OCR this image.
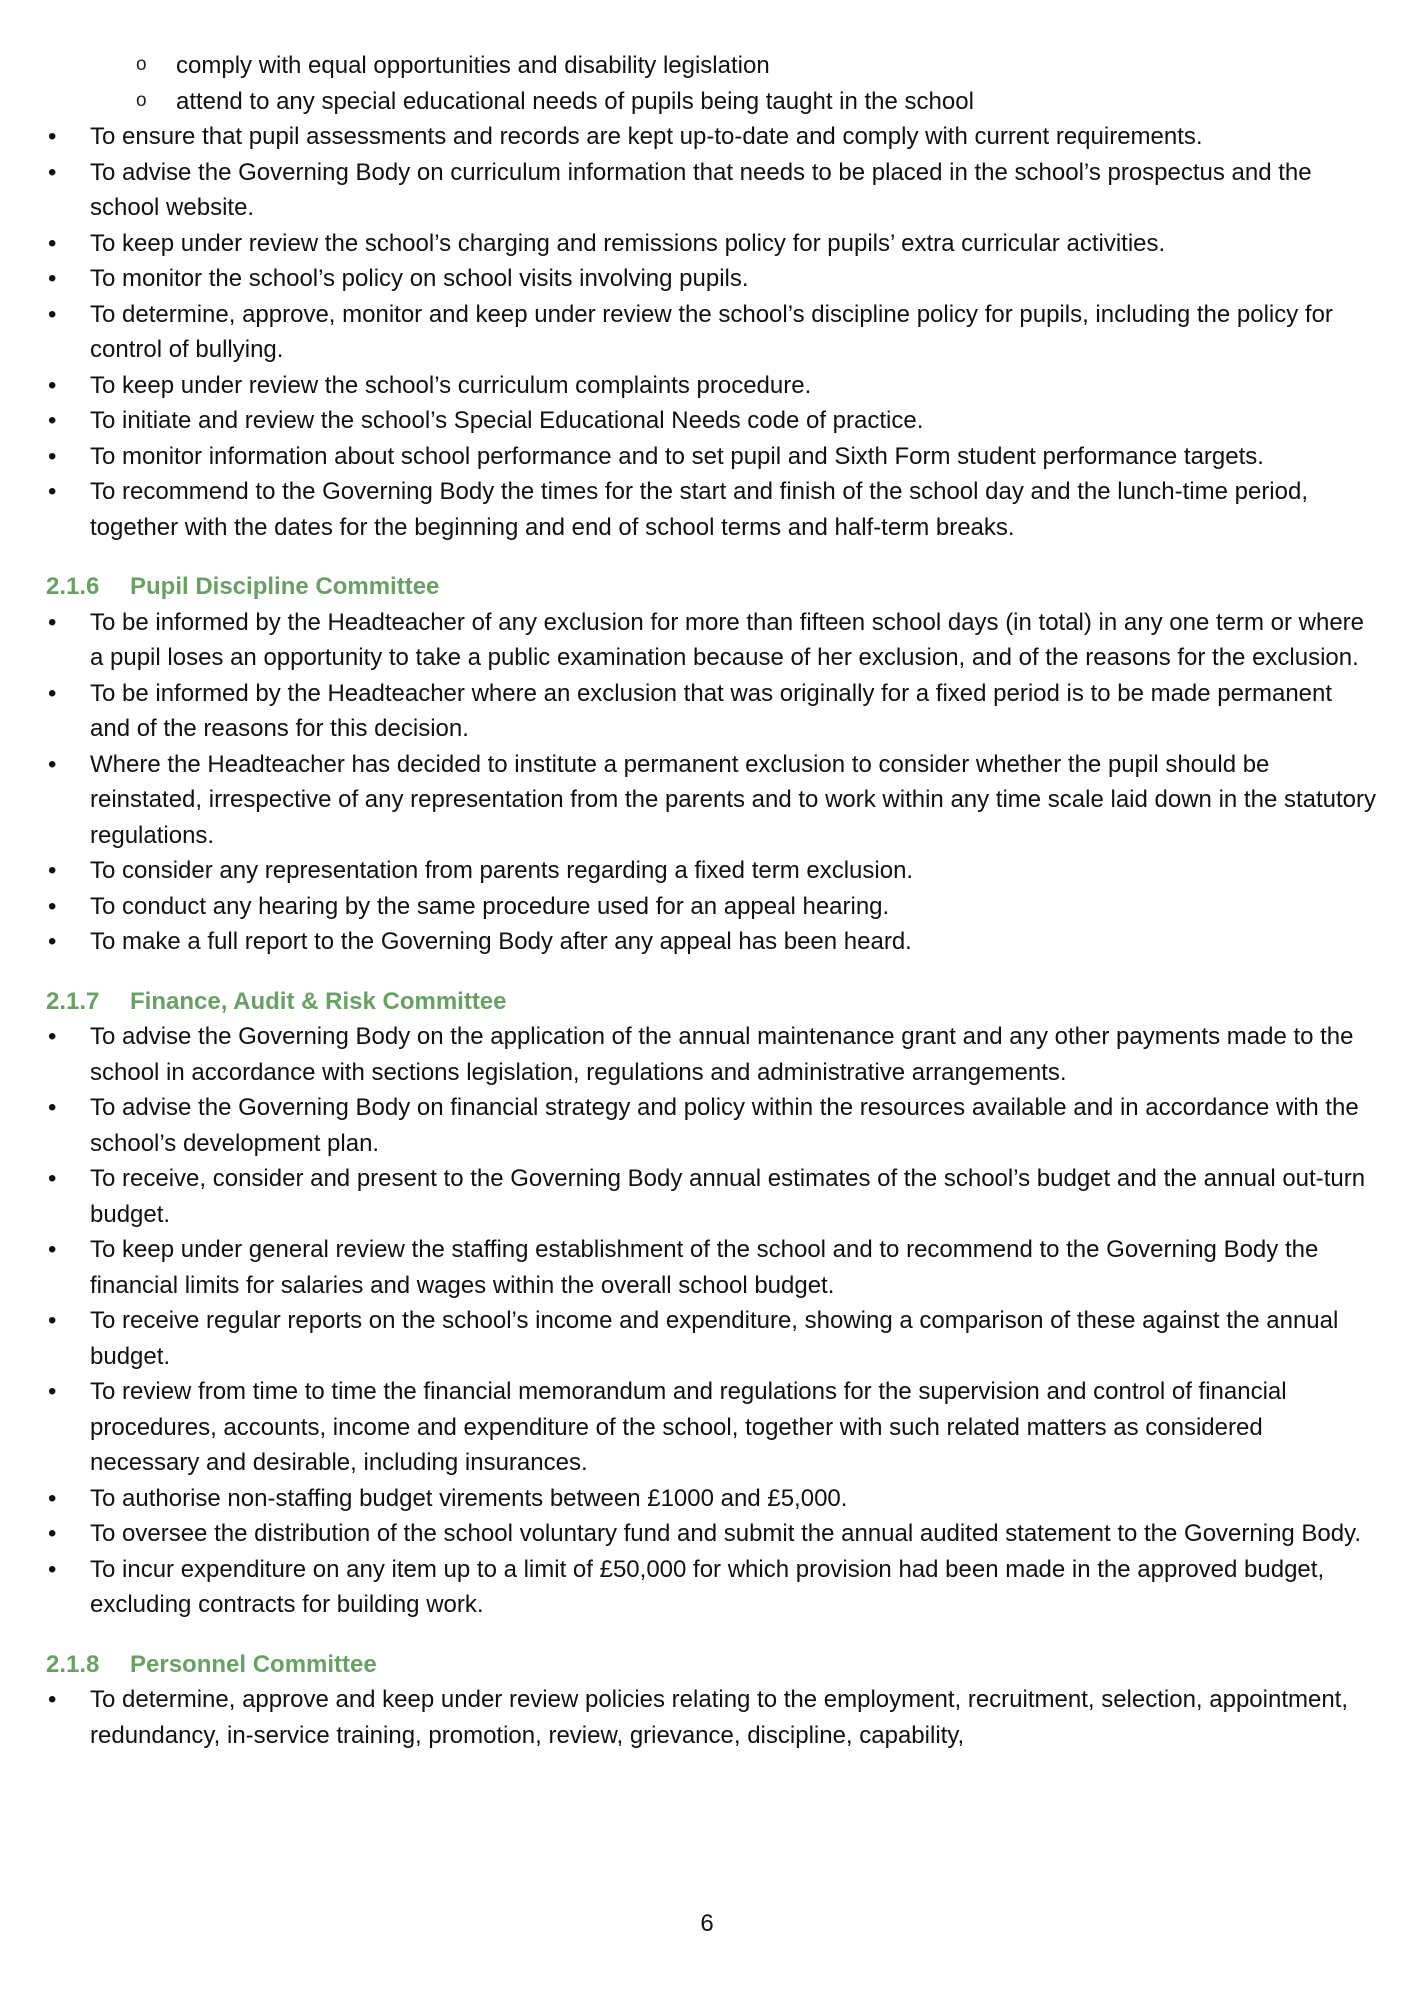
o comply with equal opportunities and disability legislation
o attend to any special educational needs of pupils being taught in the school
• To ensure that pupil assessments and records are kept up-to-date and comply with current requirements.
• To advise the Governing Body on curriculum information that needs to be placed in the school’s prospectus and the school website.
• To keep under review the school’s charging and remissions policy for pupils’ extra curricular activities.
• To monitor the school’s policy on school visits involving pupils.
• To determine, approve, monitor and keep under review the school’s discipline policy for pupils, including the policy for control of bullying.
• To keep under review the school’s curriculum complaints procedure.
• To initiate and review the school’s Special Educational Needs code of practice.
• To monitor information about school performance and to set pupil and Sixth Form student performance targets.
• To recommend to the Governing Body the times for the start and finish of the school day and the lunch-time period, together with the dates for the beginning and end of school terms and half-term breaks.
2.1.6 Pupil Discipline Committee
• To be informed by the Headteacher of any exclusion for more than fifteen school days (in total) in any one term or where a pupil loses an opportunity to take a public examination because of her exclusion, and of the reasons for the exclusion.
• To be informed by the Headteacher where an exclusion that was originally for a fixed period is to be made permanent and of the reasons for this decision.
• Where the Headteacher has decided to institute a permanent exclusion to consider whether the pupil should be reinstated, irrespective of any representation from the parents and to work within any time scale laid down in the statutory regulations.
• To consider any representation from parents regarding a fixed term exclusion.
• To conduct any hearing by the same procedure used for an appeal hearing.
• To make a full report to the Governing Body after any appeal has been heard.
2.1.7 Finance, Audit & Risk Committee
• To advise the Governing Body on the application of the annual maintenance grant and any other payments made to the school in accordance with sections legislation, regulations and administrative arrangements.
• To advise the Governing Body on financial strategy and policy within the resources available and in accordance with the school’s development plan.
• To receive, consider and present to the Governing Body annual estimates of the school’s budget and the annual out-turn budget.
• To keep under general review the staffing establishment of the school and to recommend to the Governing Body the financial limits for salaries and wages within the overall school budget.
• To receive regular reports on the school’s income and expenditure, showing a comparison of these against the annual budget.
• To review from time to time the financial memorandum and regulations for the supervision and control of financial procedures, accounts, income and expenditure of the school, together with such related matters as considered necessary and desirable, including insurances.
• To authorise non-staffing budget virements between £1000 and £5,000.
• To oversee the distribution of the school voluntary fund and submit the annual audited statement to the Governing Body.
• To incur expenditure on any item up to a limit of £50,000 for which provision had been made in the approved budget, excluding contracts for building work.
2.1.8 Personnel Committee
• To determine, approve and keep under review policies relating to the employment, recruitment, selection, appointment, redundancy, in-service training, promotion, review, grievance, discipline, capability,
6
